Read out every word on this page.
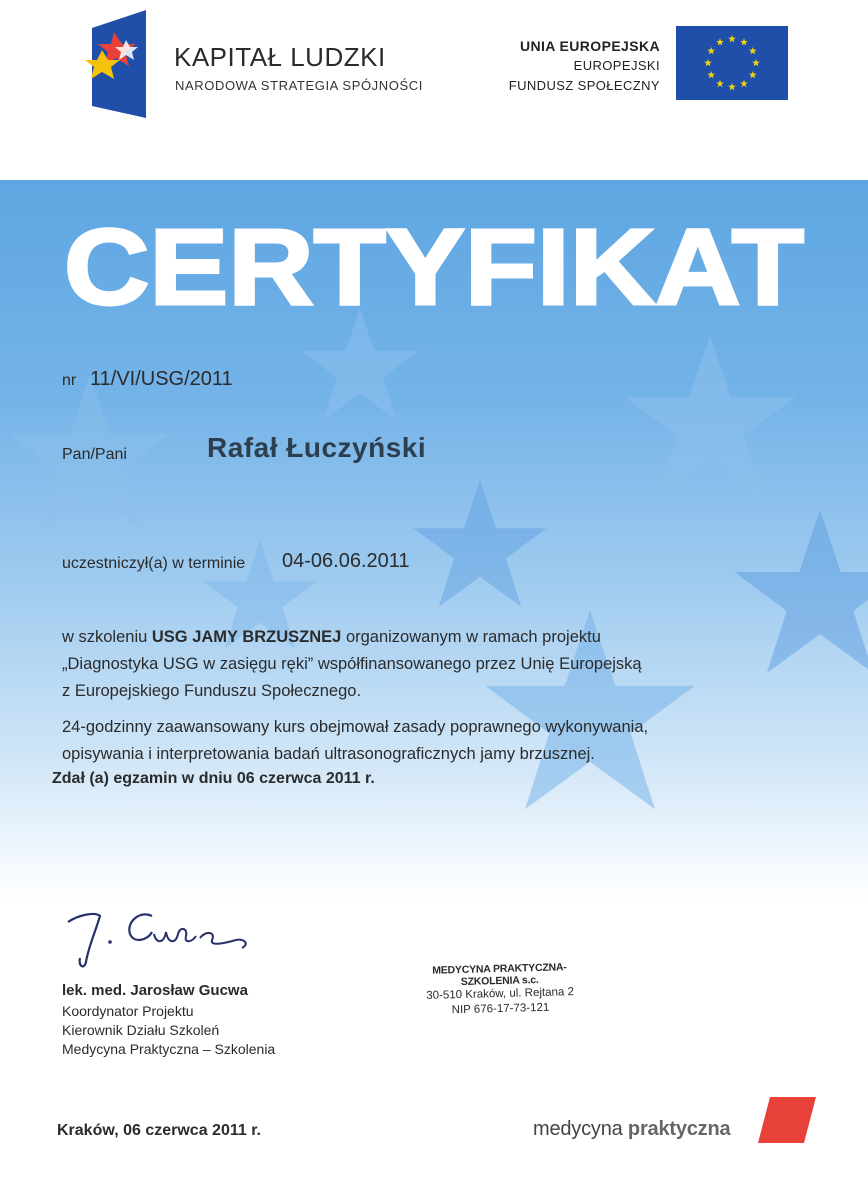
KAPITAŁ LUDZKI
NARODOWA STRATEGIA SPÓJNOŚCI
UNIA EUROPEJSKA
EUROPEJSKI
FUNDUSZ SPOŁECZNY
CERTYFIKAT
nr 11/VI/USG/2011
Pan/Pani	Rafał Łuczyński
uczestniczył(a) w terminie 04-06.06.2011
w szkoleniu USG JAMY BRZUSZNEJ organizowanym w ramach projektu
„Diagnostyka USG w zasięgu ręki” współfinansowanego przez Unię Europejską
z Europejskiego Funduszu Społecznego.
24-godzinny zaawansowany kurs obejmował zasady poprawnego wykonywania,
opisywania i interpretowania badań ultrasonograficznych jamy brzusznej.
Zdał (a) egzamin w dniu 06 czerwca 2011 r.
lek. med. Jarosław Gucwa
Koordynator Projektu
Kierownik Działu Szkoleń
Medycyna Praktyczna – Szkolenia
MEDYCYNA PRAKTYCZNA-SZKOLENIA s.c.
30-510 Kraków, ul. Rejtana 2
NIP 676-17-73-121
Kraków, 06 czerwca 2011 r.	medycyna praktyczna
